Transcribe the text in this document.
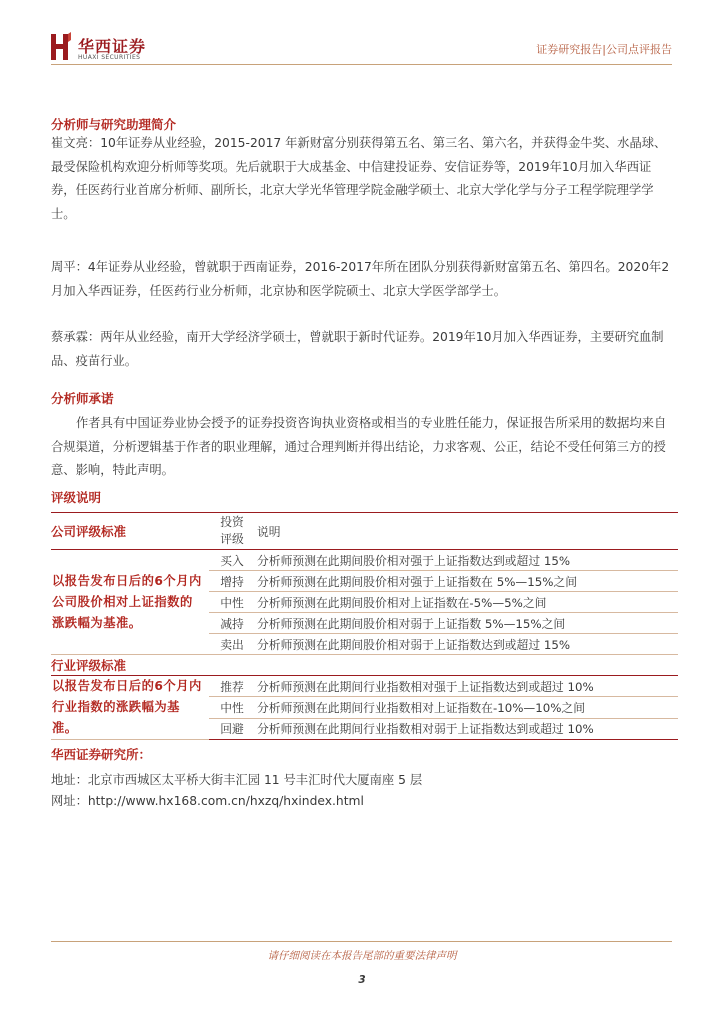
华西证券
HUAXI SECURITIES
证券研究报告|公司点评报告
分析师与研究助理简介
崔文亮：10年证券从业经验，2015-2017 年新财富分别获得第五名、第三名、第六名，并获得金牛奖、水晶球、 最受保险机构欢迎分析师等奖项。先后就职于大成基金、中信建投证券、安信证券等，2019年10月加入华西证券，任医药行业首席分析师、副所长，北京大学光华管理学院金融学硕士、北京大学化学与分子工程学院理学学士。
周平：4年证券从业经验，曾就职于西南证券，2016-2017年所在团队分别获得新财富第五名、第四名。2020年2月加入华西证券，任医药行业分析师，北京协和医学院硕士、北京大学医学部学士。
蔡承霖：两年从业经验，南开大学经济学硕士，曾就职于新时代证券。2019年10月加入华西证券，主要研究血制品、疫苗行业。
分析师承诺
作者具有中国证券业协会授予的证券投资咨询执业资格或相当的专业胜任能力，保证报告所采用的数据均来自合规渠道，分析逻辑基于作者的职业理解，通过合理判断并得出结论，力求客观、公正，结论不受任何第三方的授意、影响，特此声明。
评级说明
公司评级标准	投资评级	说明

以报告发布日后的6个月内公司股价相对上证指数的涨跌幅为基准。	买入	分析师预测在此期间股价相对强于上证指数达到或超过 15%
	增持	分析师预测在此期间股价相对强于上证指数在 5%—15%之间
	中性	分析师预测在此期间股价相对上证指数在-5%—5%之间
	减持	分析师预测在此期间股价相对弱于上证指数 5%—15%之间
	卖出	分析师预测在此期间股价相对弱于上证指数达到或超过 15%
行业评级标准		

以报告发布日后的6个月内行业指数的涨跌幅为基准。	推荐	分析师预测在此期间行业指数相对强于上证指数达到或超过 10%
	中性	分析师预测在此期间行业指数相对上证指数在-10%—10%之间
	回避	分析师预测在此期间行业指数相对弱于上证指数达到或超过 10%
华西证券研究所：
地址：北京市西城区太平桥大街丰汇园 11 号丰汇时代大厦南座 5 层
网址：http://www.hx168.com.cn/hxzq/hxindex.html
请仔细阅读在本报告尾部的重要法律声明
3
